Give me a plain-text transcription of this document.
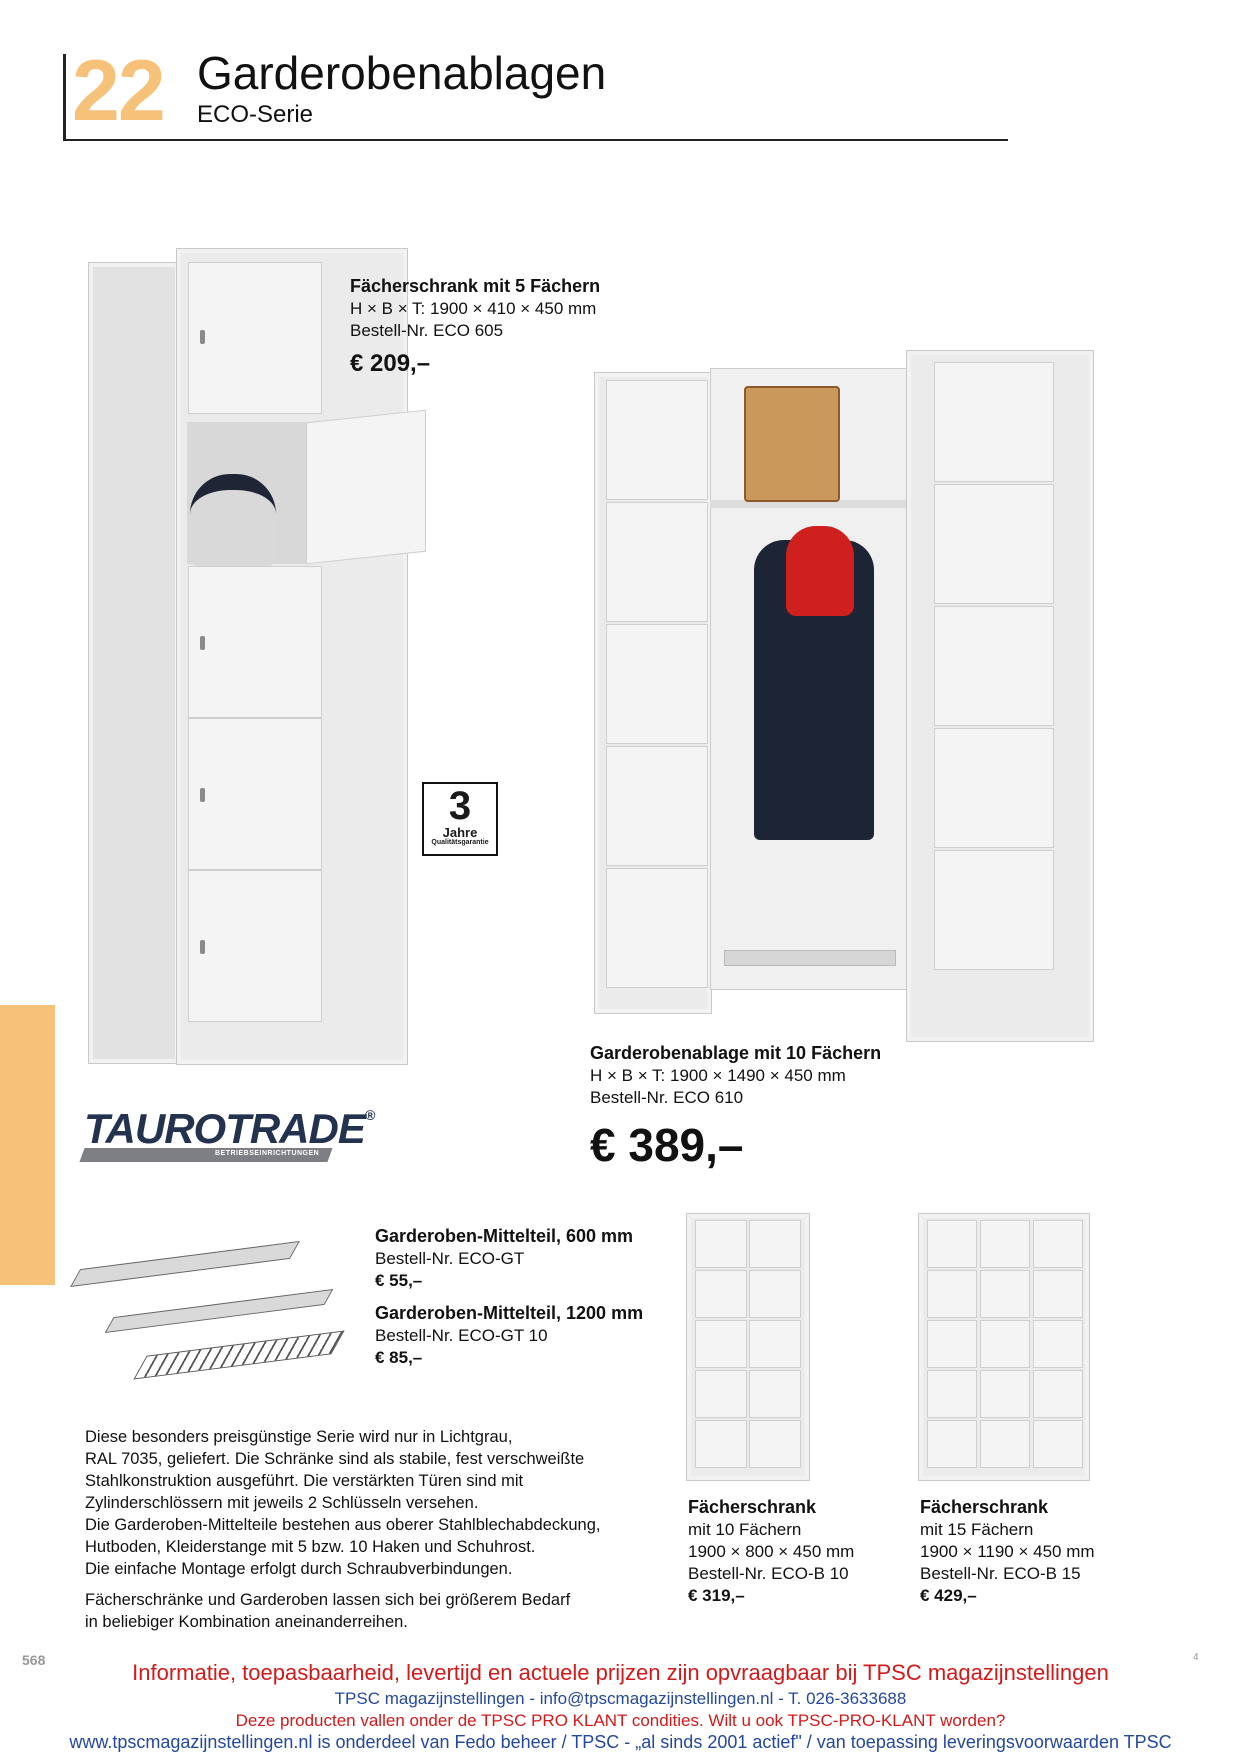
22 Garderobenablagen
ECO-Serie
Fächerschrank mit 5 Fächern
H × B × T: 1900 × 410 × 450 mm
Bestell-Nr. ECO 605
€ 209,–
3
Jahre
Qualitätsgarantie
Garderobenablage mit 10 Fächern
H × B × T: 1900 × 1490 × 450 mm
Bestell-Nr. ECO 610
€ 389,–
TAUROTRADE®
BETRIEBSEINRICHTUNGEN
Garderoben-Mittelteil, 600 mm
Bestell-Nr. ECO-GT
€ 55,–
Garderoben-Mittelteil, 1200 mm
Bestell-Nr. ECO-GT 10
€ 85,–
Fächerschrank
mit 10 Fächern
1900 × 800 × 450 mm
Bestell-Nr. ECO-B 10
€ 319,–
Fächerschrank
mit 15 Fächern
1900 × 1190 × 450 mm
Bestell-Nr. ECO-B 15
€ 429,–
Diese besonders preisgünstige Serie wird nur in Lichtgrau,
RAL 7035, geliefert. Die Schränke sind als stabile, fest verschweißte
Stahlkonstruktion ausgeführt. Die verstärkten Türen sind mit
Zylinderschlössern mit jeweils 2 Schlüsseln versehen.
Die Garderoben-Mittelteile bestehen aus oberer Stahlblechabdeckung,
Hutboden, Kleiderstange mit 5 bzw. 10 Haken und Schuhrost.
Die einfache Montage erfolgt durch Schraubverbindungen.
Fächerschränke und Garderoben lassen sich bei größerem Bedarf
in beliebiger Kombination aneinanderreihen.
568	4
Informatie, toepasbaarheid, levertijd en actuele prijzen zijn opvraagbaar bij TPSC magazijnstellingen
TPSC magazijnstellingen - info@tpscmagazijnstellingen.nl - T. 026-3633688
Deze producten vallen onder de TPSC PRO KLANT condities. Wilt u ook TPSC-PRO-KLANT worden?
www.tpscmagazijnstellingen.nl is onderdeel van Fedo beheer / TPSC - „al sinds 2001 actief" / van toepassing leveringsvoorwaarden TPSC
